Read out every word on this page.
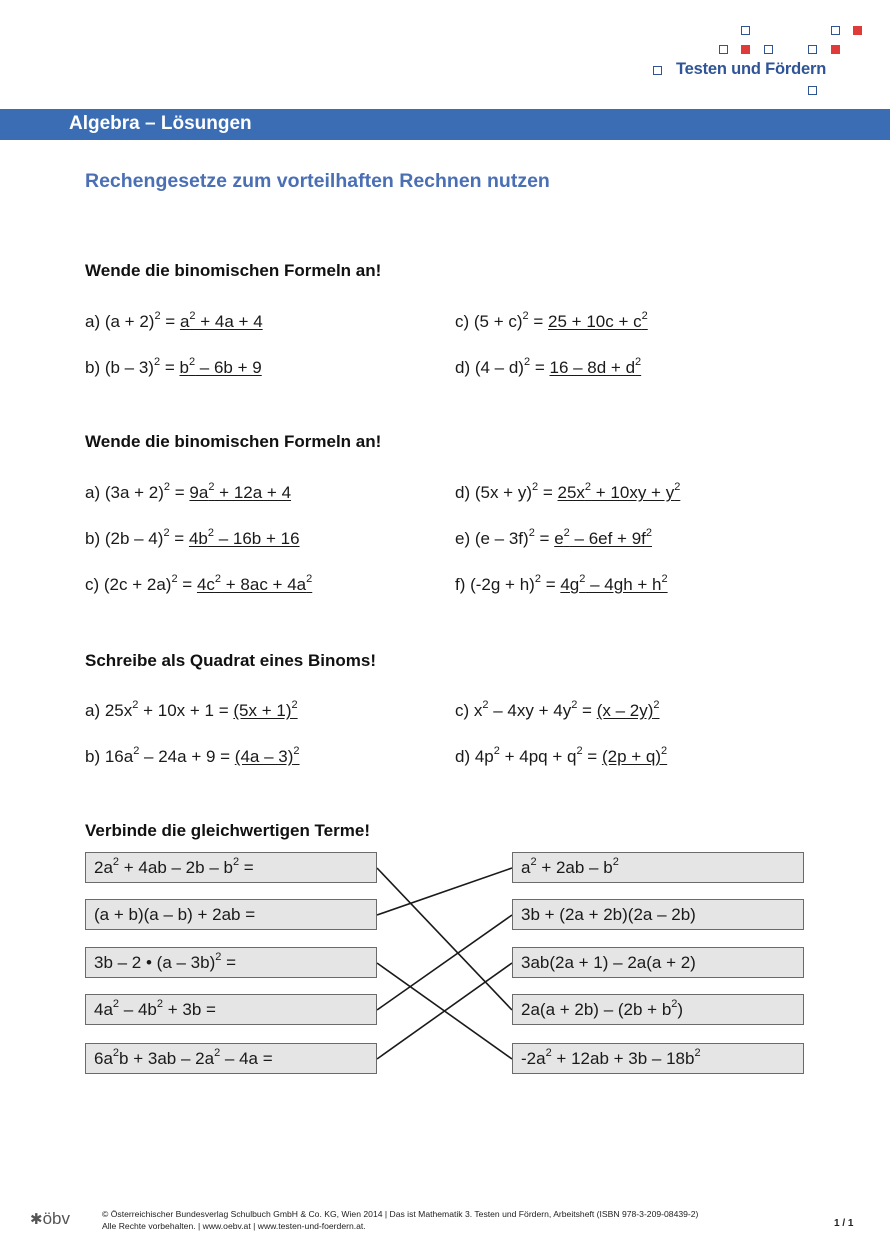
Testen und Fördern
Algebra – Lösungen
Rechengesetze zum vorteilhaften Rechnen nutzen
Wende die binomischen Formeln an!
a) $(a + 2)^2 = a^2 + 4a + 4$
b) $(b - 3)^2 = b^2 - 6b + 9$
c) $(5 + c)^2 = 25 + 10c + c^2$
d) $(4 - d)^2 = 16 - 8d + d^2$
Wende die binomischen Formeln an!
a) $(3a + 2)^2 = 9a^2 + 12a + 4$
b) $(2b - 4)^2 = 4b^2 - 16b + 16$
c) $(2c + 2a)^2 = 4c^2 + 8ac + 4a^2$
d) $(5x + y)^2 = 25x^2 + 10xy + y^2$
e) $(e - 3f)^2 = e^2 - 6ef + 9f^2$
f) $(-2g + h)^2 = 4g^2 - 4gh + h^2$
Schreibe als Quadrat eines Binoms!
a) $25x^2 + 10x + 1 = (5x + 1)^2$
b) $16a^2 - 24a + 9 = (4a - 3)^2$
c) $x^2 - 4xy + 4y^2 = (x - 2y)^2$
d) $4p^2 + 4pq + q^2 = (2p + q)^2$
Verbinde die gleichwertigen Terme!
$2a^2 + 4ab - 2b - b^2$ =
(a + b)(a – b) + 2ab =
3b – 2 • (a – 3b)$^2$ =
$4a^2 - 4b^2 + 3b$ =
$6a^2b + 3ab - 2a^2 - 4a$ =
$a^2 + 2ab - b^2$
3b + (2a + 2b)(2a – 2b)
3ab(2a + 1) – 2a(a + 2)
$2a(a + 2b) - (2b + b^2)$
$-2a^2 + 12ab + 3b - 18b^2$
✱öbv	© Österreichischer Bundesverlag Schulbuch GmbH & Co. KG, Wien 2014 | Das ist Mathematik 3. Testen und Fördern, Arbeitsheft (ISBN 978-3-209-08439-2)
Alle Rechte vorbehalten. | www.oebv.at | www.testen-und-foerdern.at.	1 / 1
